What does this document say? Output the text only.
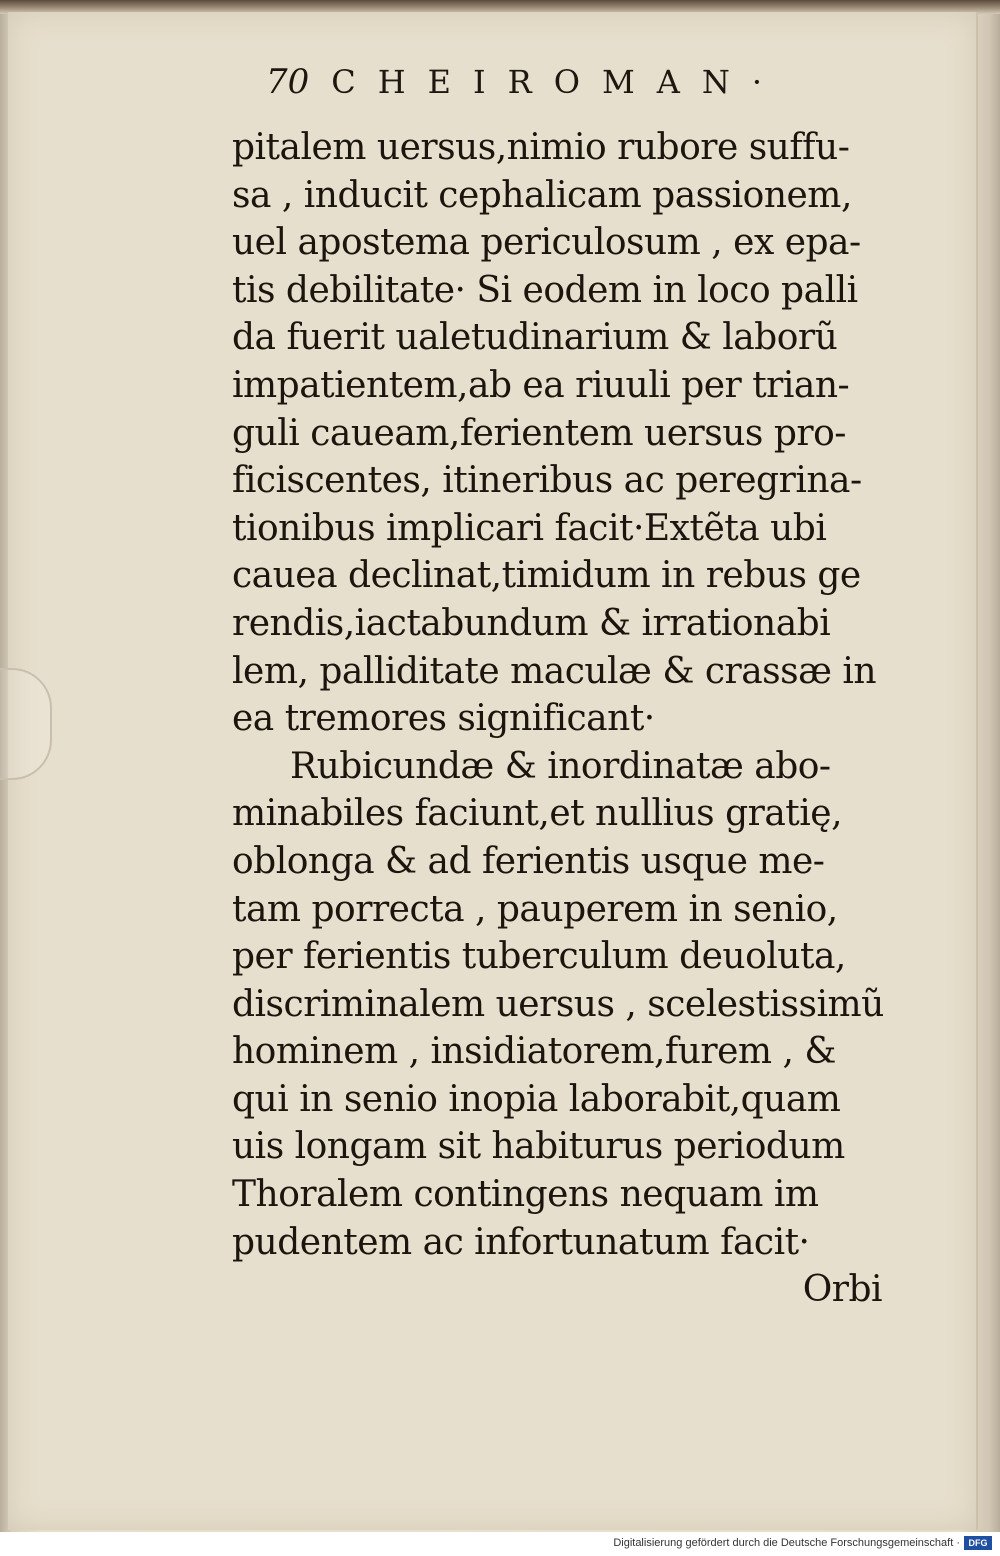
70 CHEIROMAN·
pitalem uersus,nimio rubore suffu-
sa , inducit cephalicam passionem,
uel apostema periculosum , ex epa-
tis debilitate· Si eodem in loco palli
da fuerit ualetudinarium & laborũ
impatientem,ab ea riuuli per trian-
guli caueam,ferientem uersus pro-
ficiscentes, itineribus ac peregrina-
tionibus implicari facit·Extẽta ubi
cauea declinat,timidum in rebus ge
rendis,iactabundum & irrationabi
lem, palliditate maculæ & crassæ in
ea tremores significant·
Rubicundæ & inordinatæ abo-
minabiles faciunt,et nullius gratię,
oblonga & ad ferientis usque me-
tam porrecta , pauperem in senio,
per ferientis tuberculum deuoluta,
discriminalem uersus , scelestissimũ
hominem , insidiatorem,furem , &
qui in senio inopia laborabit,quam
uis longam sit habiturus periodum
Thoralem contingens nequam im
pudentem ac infortunatum facit·
Orbi
Digitalisierung gefördert durch die Deutsche Forschungsgemeinschaft · DFG
